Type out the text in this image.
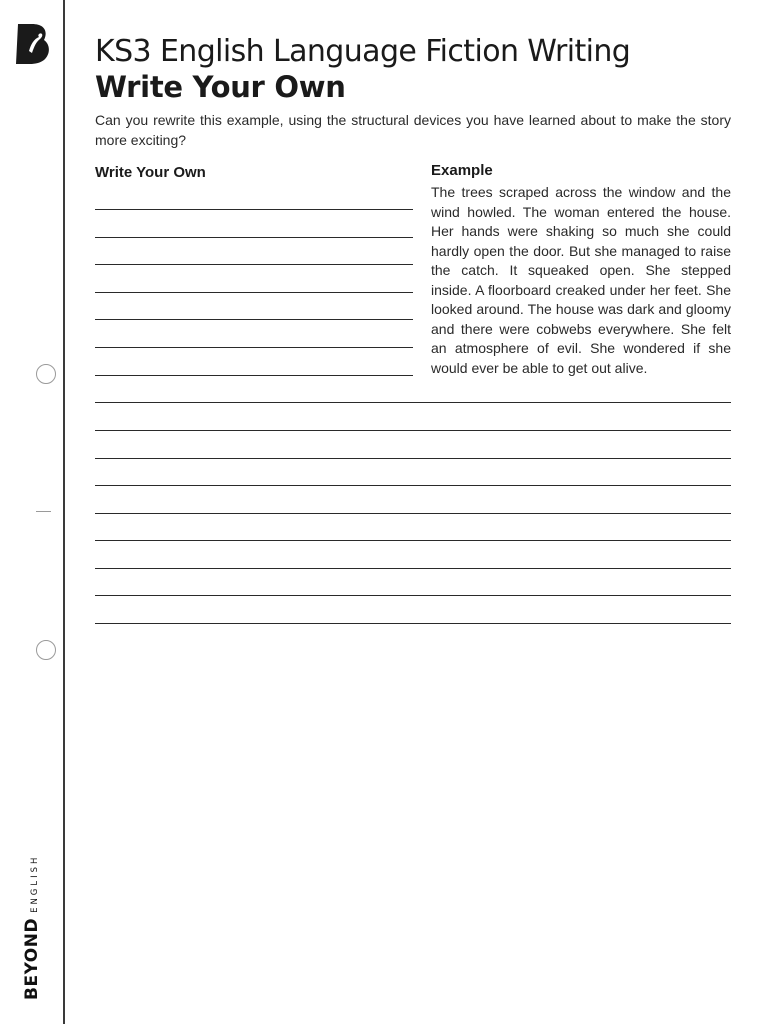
BEYONDENGLISH
KS3 English Language Fiction Writing
Write Your Own

Can you rewrite this example, using the structural devices you have learned about to make the story more exciting?

Write Your Own	Example

The trees scraped across the window and the wind howled. The woman entered the house. Her hands were shaking so much she could hardly open the door. But she managed to raise the catch. It squeaked open. She stepped inside. A floorboard creaked under her feet. She looked around. The house was dark and gloomy and there were cobwebs everywhere. She felt an atmosphere of evil. She wondered if she would ever be able to get out alive.
